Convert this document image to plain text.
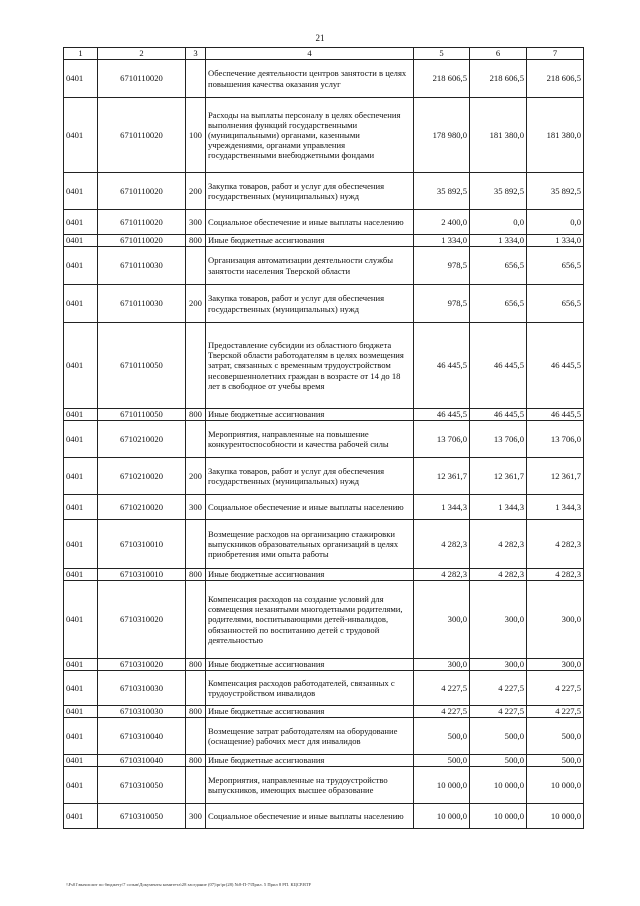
21
1	2	3	4	5	6	7
0401	6710110020		Обеспечение деятельности центров занятости в целях повышения качества оказания услуг	218 606,5	218 606,5	218 606,5
0401	6710110020	100	Расходы на выплаты персоналу в целях обеспечения выполнения функций государственными (муниципальными) органами, казенными учреждениями, органами управления государственными внебюджетными фондами	178 980,0	181 380,0	181 380,0
0401	6710110020	200	Закупка товаров, работ и услуг для обеспечения государственных (муниципальных) нужд	35 892,5	35 892,5	35 892,5
0401	6710110020	300	Социальное обеспечение и иные выплаты населению	2 400,0	0,0	0,0
0401	6710110020	800	Иные бюджетные ассигнования	1 334,0	1 334,0	1 334,0
0401	6710110030		Организация автоматизации деятельности службы занятости населения Тверской области	978,5	656,5	656,5
0401	6710110030	200	Закупка товаров, работ и услуг для обеспечения государственных (муниципальных) нужд	978,5	656,5	656,5
0401	6710110050		Предоставление субсидии из областного бюджета Тверской области работодателям в целях возмещения затрат, связанных с временным трудоустройством несовершеннолетних граждан в возрасте от 14 до 18 лет в свободное от учебы время	46 445,5	46 445,5	46 445,5
0401	6710110050	800	Иные бюджетные ассигнования	46 445,5	46 445,5	46 445,5
0401	6710210020		Мероприятия, направленные на повышение конкурентоспособности и качества рабочей силы	13 706,0	13 706,0	13 706,0
0401	6710210020	200	Закупка товаров, работ и услуг для обеспечения государственных (муниципальных) нужд	12 361,7	12 361,7	12 361,7
0401	6710210020	300	Социальное обеспечение и иные выплаты населению	1 344,3	1 344,3	1 344,3
0401	6710310010		Возмещение расходов на организацию стажировки выпускников образовательных организаций в целях приобретения ими опыта работы	4 282,3	4 282,3	4 282,3
0401	6710310010	800	Иные бюджетные ассигнования	4 282,3	4 282,3	4 282,3
0401	6710310020		Компенсация расходов на создание условий для совмещения незанятыми многодетными родителями, родителями, воспитывающими детей-инвалидов, обязанностей по воспитанию детей с трудовой деятельностью	300,0	300,0	300,0
0401	6710310020	800	Иные бюджетные ассигнования	300,0	300,0	300,0
0401	6710310030		Компенсация расходов работодателей, связанных с трудоустройством инвалидов	4 227,5	4 227,5	4 227,5
0401	6710310030	800	Иные бюджетные ассигнования	4 227,5	4 227,5	4 227,5
0401	6710310040		Возмещение затрат работодателям на оборудование (оснащение) рабочих мест для инвалидов	500,0	500,0	500,0
0401	6710310040	800	Иные бюджетные ассигнования	500,0	500,0	500,0
0401	6710310050		Мероприятия, направленные на трудоустройство выпускников, имеющих высшее образование	10 000,0	10 000,0	10 000,0
0401	6710310050	300	Социальное обеспечение и иные выплаты населению	10 000,0	10 000,0	10 000,0
\\Fs01\вычислит по бюджету\7 созыв\Документы комитета\28 заседание (07)\pr\pr(28) №8-П-7\Прил. 5 Прил 8 РП. КЦСР.RTF
